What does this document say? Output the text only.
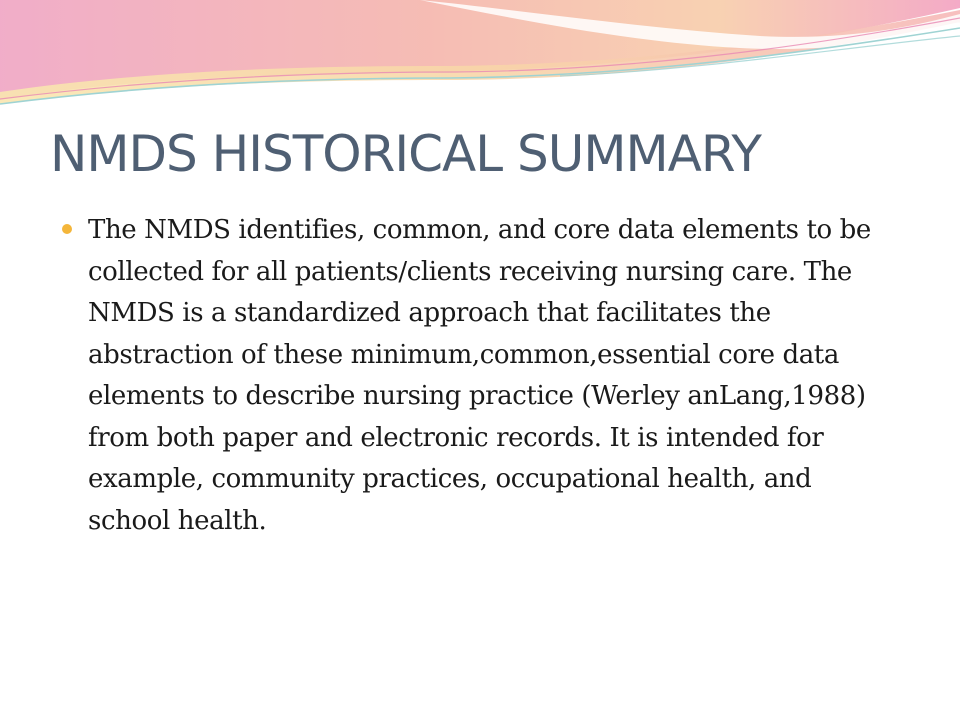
NMDS HISTORICAL SUMMARY
The NMDS identifies, common, and core data elements to be collected for all patients/clients receiving nursing care. The NMDS is a standardized approach that facilitates the abstraction of these minimum,common,essential core data elements to describe nursing practice (Werley anLang,1988) from both paper and electronic records. It is intended for example, community practices, occupational health, and school health.
